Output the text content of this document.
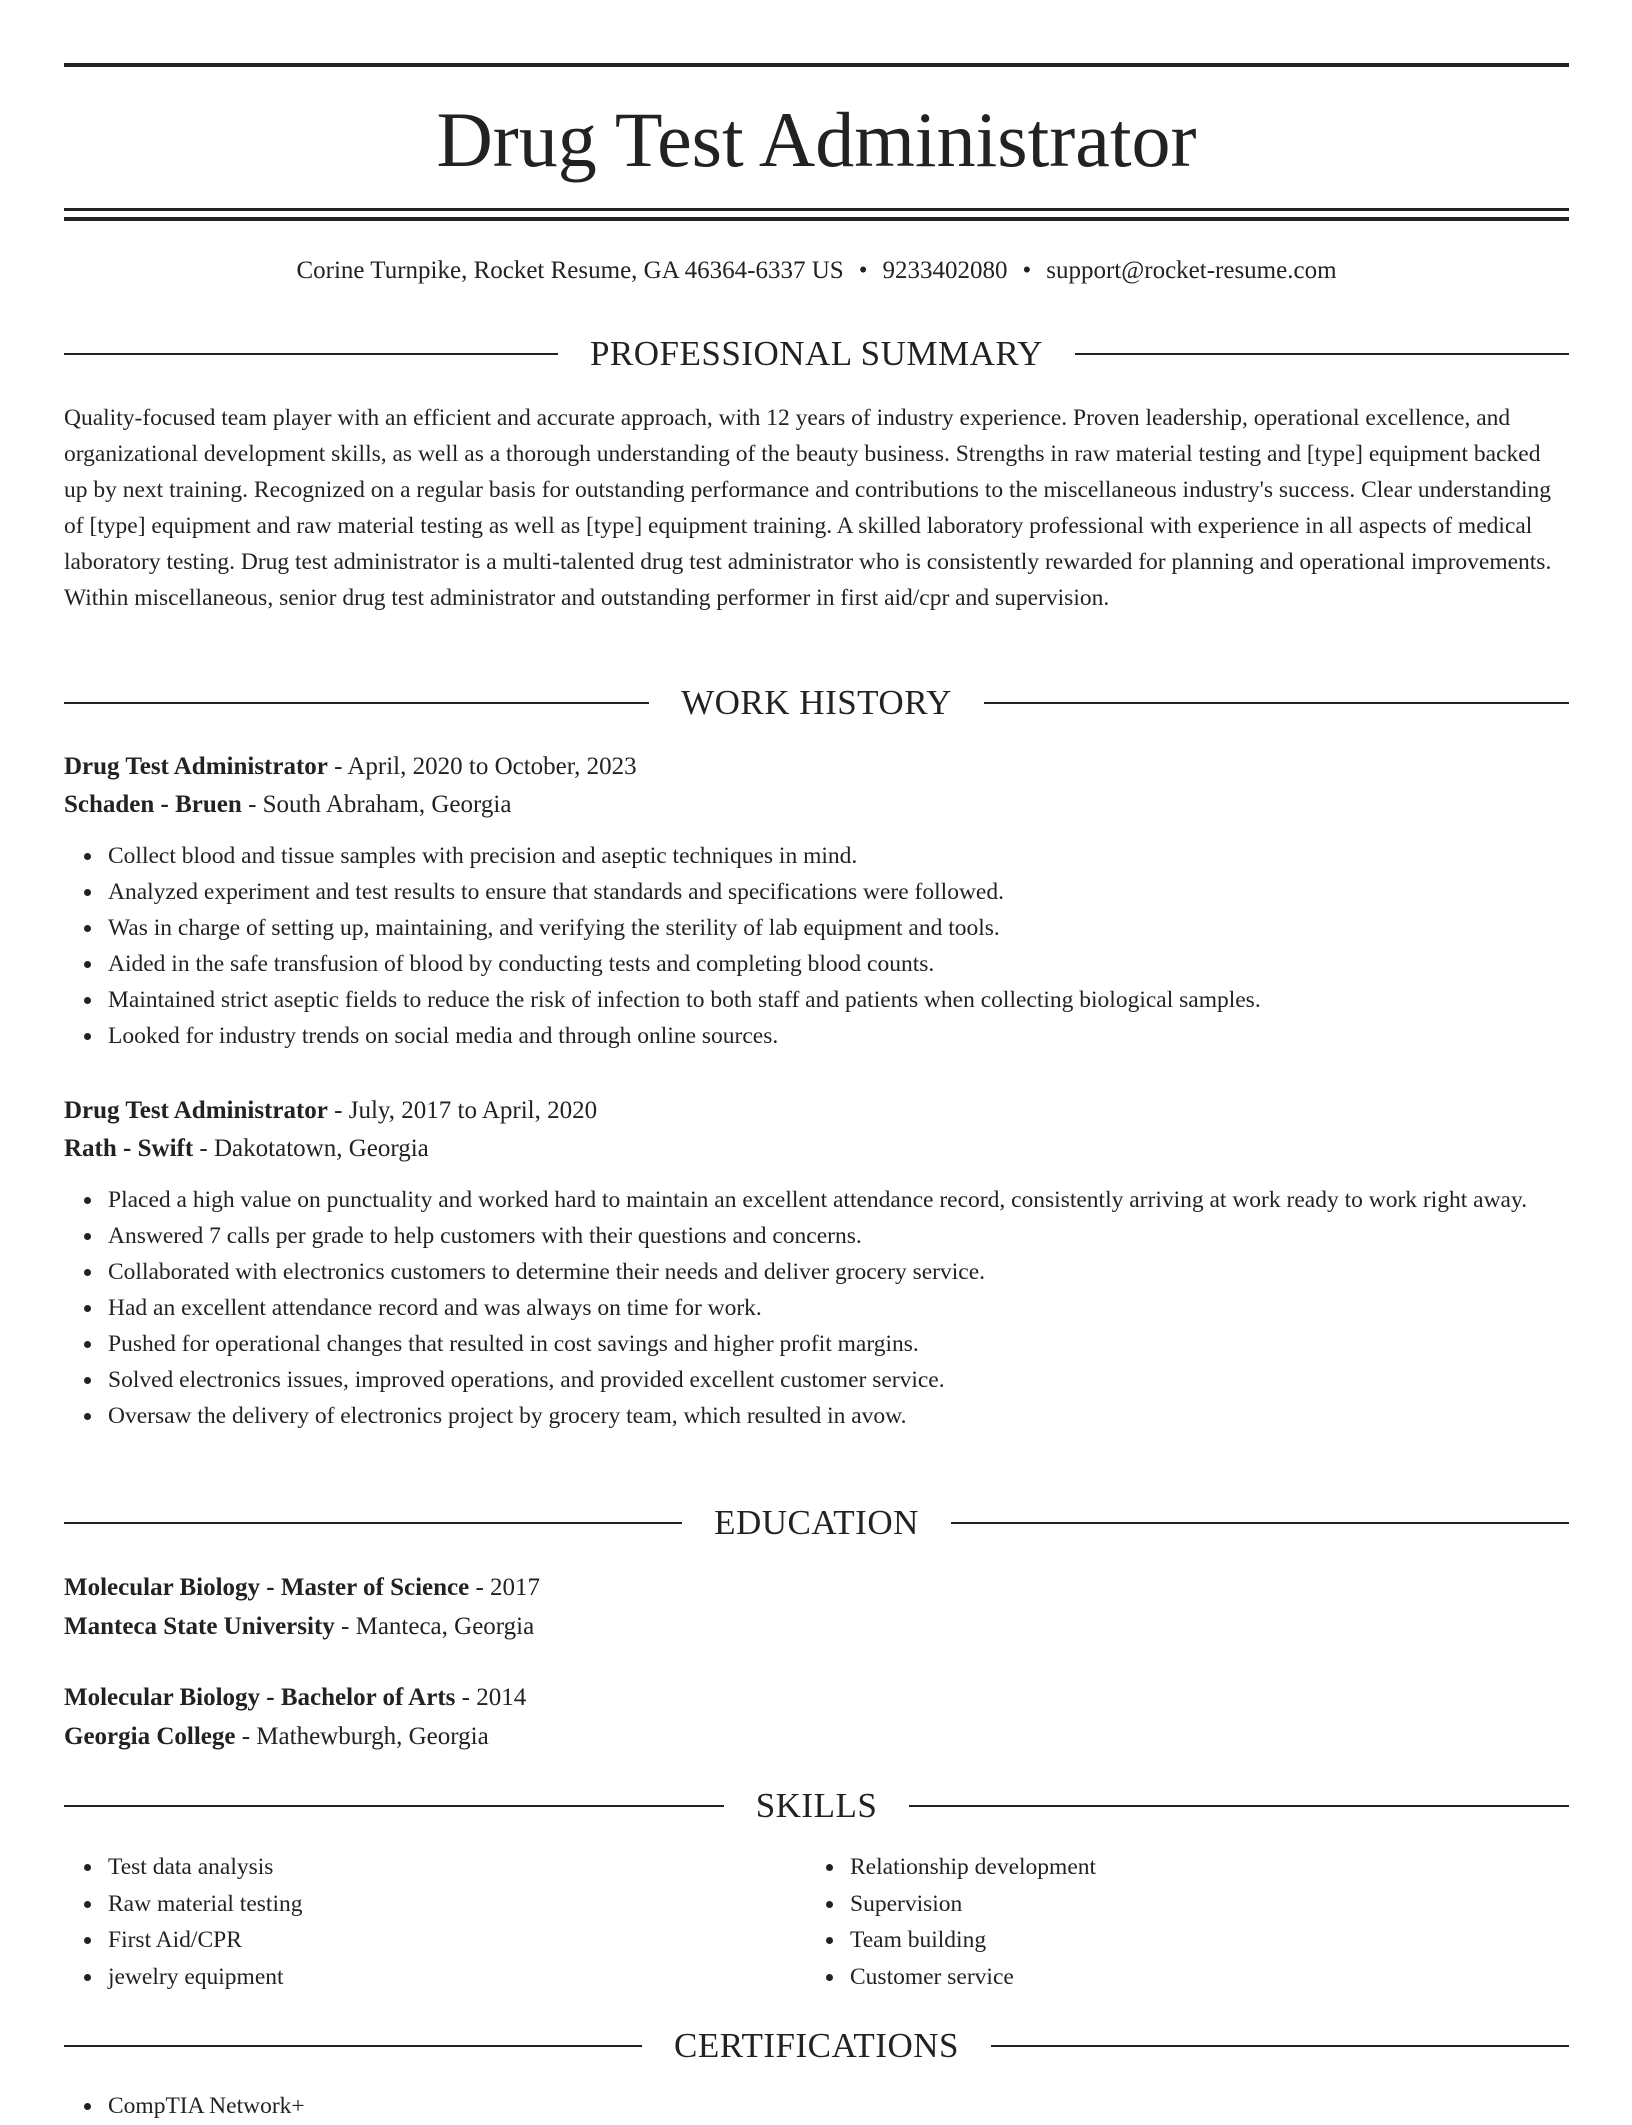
Drug Test Administrator
Corine Turnpike, Rocket Resume, GA 46364-6337 US • 9233402080 • support@rocket-resume.com
PROFESSIONAL SUMMARY

Quality-focused team player with an efficient and accurate approach, with 12 years of industry experience. Proven leadership, operational excellence, and organizational development skills, as well as a thorough understanding of the beauty business. Strengths in raw material testing and [type] equipment backed up by next training. Recognized on a regular basis for outstanding performance and contributions to the miscellaneous industry's success. Clear understanding of [type] equipment and raw material testing as well as [type] equipment training. A skilled laboratory professional with experience in all aspects of medical laboratory testing. Drug test administrator is a multi-talented drug test administrator who is consistently rewarded for planning and operational improvements. Within miscellaneous, senior drug test administrator and outstanding performer in first aid/cpr and supervision.

WORK HISTORY
Drug Test Administrator - April, 2020 to October, 2023
Schaden - Bruen - South Abraham, Georgia
Collect blood and tissue samples with precision and aseptic techniques in mind.
Analyzed experiment and test results to ensure that standards and specifications were followed.
Was in charge of setting up, maintaining, and verifying the sterility of lab equipment and tools.
Aided in the safe transfusion of blood by conducting tests and completing blood counts.
Maintained strict aseptic fields to reduce the risk of infection to both staff and patients when collecting biological samples.
Looked for industry trends on social media and through online sources.
Drug Test Administrator - July, 2017 to April, 2020
Rath - Swift - Dakotatown, Georgia
Placed a high value on punctuality and worked hard to maintain an excellent attendance record, consistently arriving at work ready to work right away.
Answered 7 calls per grade to help customers with their questions and concerns.
Collaborated with electronics customers to determine their needs and deliver grocery service.
Had an excellent attendance record and was always on time for work.
Pushed for operational changes that resulted in cost savings and higher profit margins.
Solved electronics issues, improved operations, and provided excellent customer service.
Oversaw the delivery of electronics project by grocery team, which resulted in avow.
EDUCATION
Molecular Biology - Master of Science - 2017
Manteca State University - Manteca, Georgia
Molecular Biology - Bachelor of Arts - 2014
Georgia College - Mathewburgh, Georgia
SKILLS
Test data analysis
Raw material testing
First Aid/CPR
jewelry equipment
Relationship development
Supervision
Team building
Customer service
CERTIFICATIONS
CompTIA Network+
